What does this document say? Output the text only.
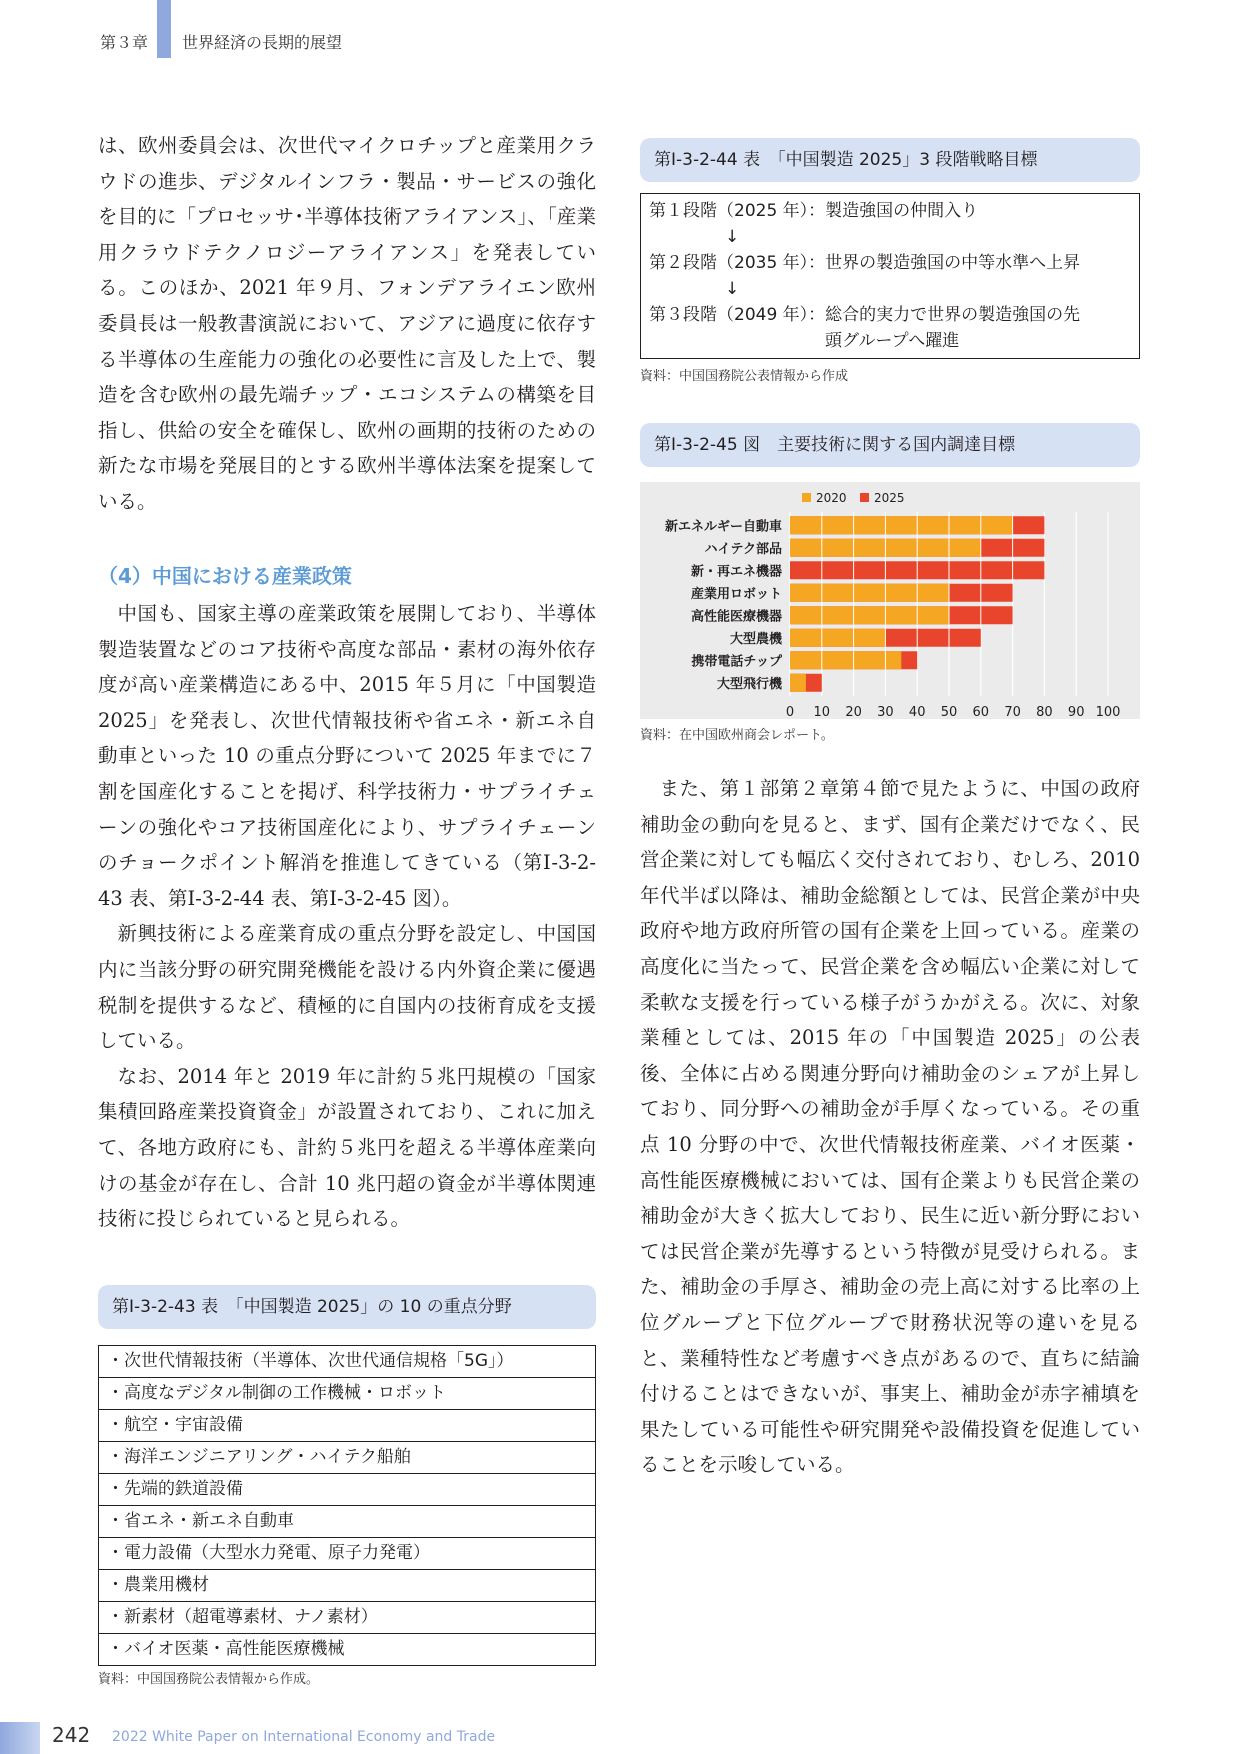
第３章 世界経済の長期的展望

は、欧州委員会は、次世代マイクロチップと産業用クラウドの進歩、デジタルインフラ・製品・サービスの強化を目的に「プロセッサ･半導体技術アライアンス」、「産業用クラウドテクノロジーアライアンス」を発表している。このほか、2021 年９月、フォンデアライエン欧州委員長は一般教書演説において、アジアに過度に依存する半導体の生産能力の強化の必要性に言及した上で、製造を含む欧州の最先端チップ・エコシステムの構築を目指し、供給の安全を確保し、欧州の画期的技術のための新たな市場を発展目的とする欧州半導体法案を提案している。

（4）中国における産業政策

中国も、国家主導の産業政策を展開しており、半導体製造装置などのコア技術や高度な部品・素材の海外依存度が高い産業構造にある中、2015 年５月に「中国製造 2025」を発表し、次世代情報技術や省エネ・新エネ自動車といった 10 の重点分野について 2025 年までに７割を国産化することを掲げ、科学技術力・サプライチェーンの強化やコア技術国産化により、サプライチェーンのチョークポイント解消を推進してきている（第Ⅰ-3-2-43 表、第Ⅰ-3-2-44 表、第Ⅰ-3-2-45 図）。

新興技術による産業育成の重点分野を設定し、中国国内に当該分野の研究開発機能を設ける内外資企業に優遇税制を提供するなど、積極的に自国内の技術育成を支援している。

なお、2014 年と 2019 年に計約５兆円規模の「国家集積回路産業投資資金」が設置されており、これに加えて、各地方政府にも、計約５兆円を超える半導体産業向けの基金が存在し、合計 10 兆円超の資金が半導体関連技術に投じられていると見られる。

第Ⅰ-3-2-43 表　「中国製造 2025」の 10 の重点分野
・次世代情報技術（半導体、次世代通信規格「5G」）
・高度なデジタル制御の工作機械・ロボット
・航空・宇宙設備
・海洋エンジニアリング・ハイテク船舶
・先端的鉄道設備
・省エネ・新エネ自動車
・電力設備（大型水力発電、原子力発電）
・農業用機材
・新素材（超電導素材、ナノ素材）
・バイオ医薬・高性能医療機械
資料：中国国務院公表情報から作成。
第Ⅰ-3-2-44 表　「中国製造 2025」3 段階戦略目標
第１段階（2025 年）：製造強国の仲間入り
↓
第２段階（2035 年）：世界の製造強国の中等水準へ上昇
↓
第３段階（2049 年）：総合的実力で世界の製造強国の先
頭グループへ躍進
資料：中国国務院公表情報から作成
第Ⅰ-3-2-45 図　主要技術に関する国内調達目標
新エネルギー自動車
ハイテク部品
新・再エネ機器
産業用ロボット
高性能医療機器
大型農機
携帯電話チップ
大型飛行機
0 10 20 30 40 50 60 70 80 90 100
2020 2025
資料：在中国欧州商会レポート。

また、第１部第２章第４節で見たように、中国の政府補助金の動向を見ると、まず、国有企業だけでなく、民営企業に対しても幅広く交付されており、むしろ、2010 年代半ば以降は、補助金総額としては、民営企業が中央政府や地方政府所管の国有企業を上回っている。産業の高度化に当たって、民営企業を含め幅広い企業に対して柔軟な支援を行っている様子がうかがえる。次に、対象業種としては、2015 年の「中国製造 2025」の公表後、全体に占める関連分野向け補助金のシェアが上昇しており、同分野への補助金が手厚くなっている。その重点 10 分野の中で、次世代情報技術産業、バイオ医薬・高性能医療機械においては、国有企業よりも民営企業の補助金が大きく拡大しており、民生に近い新分野においては民営企業が先導するという特徴が見受けられる。また、補助金の手厚さ、補助金の売上高に対する比率の上位グループと下位グループで財務状況等の違いを見ると、業種特性など考慮すべき点があるので、直ちに結論付けることはできないが、事実上、補助金が赤字補填を果たしている可能性や研究開発や設備投資を促進していることを示唆している。

242 2022 White Paper on International Economy and Trade
